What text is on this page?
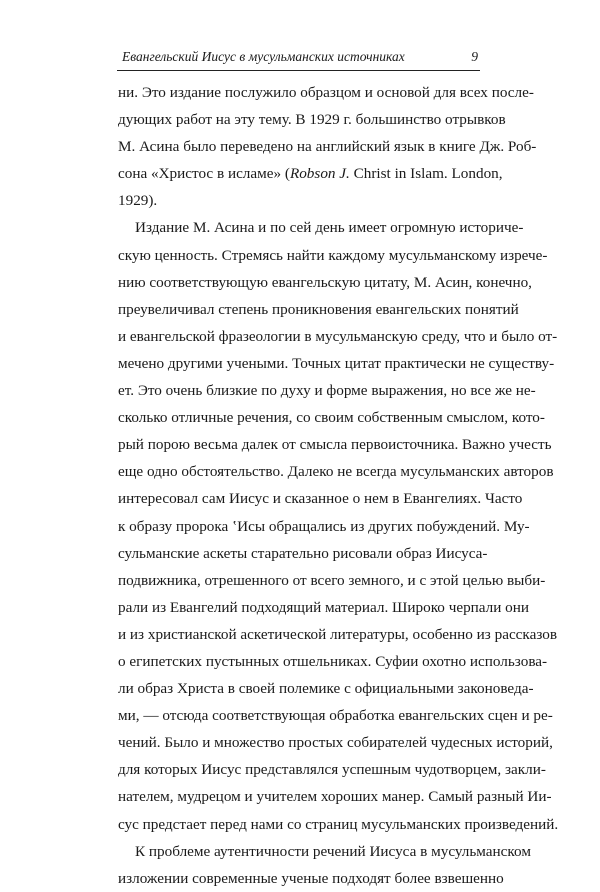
Евангельский Иисус в мусульманских источниках	9
ни. Это издание послужило образцом и основой для всех после-
дующих работ на эту тему. В 1929 г. большинство отрывков
М. Асина было переведено на английский язык в книге Дж. Роб-
сона «Христос в исламе» (Robson J. Christ in Islam. London,
1929).
Издание М. Асина и по сей день имеет огромную историче-
скую ценность. Стремясь найти каждому мусульманскому изрече-
нию соответствующую евангельскую цитату, М. Асин, конечно,
преувеличивал степень проникновения евангельских понятий
и евангельской фразеологии в мусульманскую среду, что и было от-
мечено другими учеными. Точных цитат практически не существу-
ет. Это очень близкие по духу и форме выражения, но все же не-
сколько отличные речения, со своим собственным смыслом, кото-
рый порою весьма далек от смысла первоисточника. Важно учесть
еще одно обстоятельство. Далеко не всегда мусульманских авторов
интересовал сам Иисус и сказанное о нем в Евангелиях. Часто
к образу пророка ʽИсы обращались из других побуждений. Му-
сульманские аскеты старательно рисовали образ Иисуса-
подвижника, отрешенного от всего земного, и с этой целью выби-
рали из Евангелий подходящий материал. Широко черпали они
и из христианской аскетической литературы, особенно из рассказов
о египетских пустынных отшельниках. Суфии охотно использова-
ли образ Христа в своей полемике с официальными законоведа-
ми, — отсюда соответствующая обработка евангельских сцен и ре-
чений. Было и множество простых собирателей чудесных историй,
для которых Иисус представлялся успешным чудотворцем, закли-
нателем, мудрецом и учителем хороших манер. Самый разный Ии-
сус предстает перед нами со страниц мусульманских произведений.
К проблеме аутентичности речений Иисуса в мусульманском
изложении современные ученые подходят более взвешенно
